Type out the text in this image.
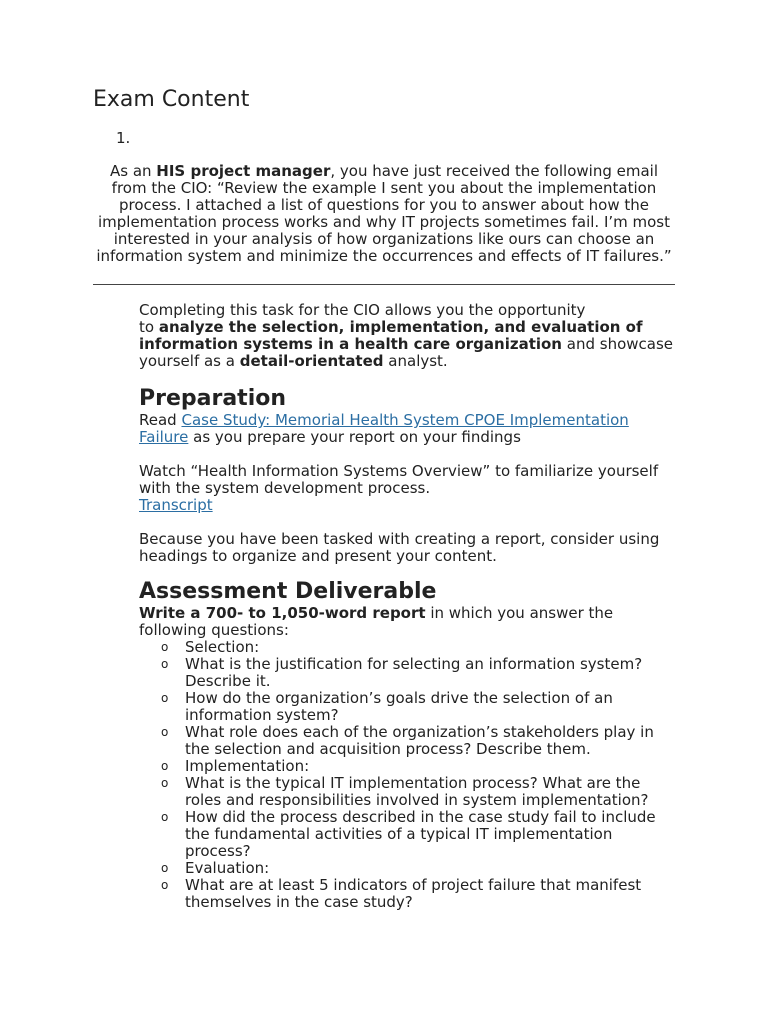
Exam Content
1.
As an HIS project manager, you have just received the following email from the CIO: “Review the example I sent you about the implementation process. I attached a list of questions for you to answer about how the implementation process works and why IT projects sometimes fail. I’m most interested in your analysis of how organizations like ours can choose an information system and minimize the occurrences and effects of IT failures.”

Completing this task for the CIO allows you the opportunity
to analyze the selection, implementation, and evaluation of information systems in a health care organization and showcase yourself as a detail-orientated analyst.

Preparation

Read Case Study: Memorial Health System CPOE Implementation Failure as you prepare your report on your findings

Watch “Health Information Systems Overview” to familiarize yourself with the system development process.

Transcript

Because you have been tasked with creating a report, consider using headings to organize and present your content.

Assessment Deliverable

Write a 700- to 1,050-word report in which you answer the following questions:

o Selection:
o What is the justification for selecting an information system? Describe it.
o How do the organization’s goals drive the selection of an information system?
o What role does each of the organization’s stakeholders play in the selection and acquisition process? Describe them.
o Implementation:
o What is the typical IT implementation process? What are the roles and responsibilities involved in system implementation?
o How did the process described in the case study fail to include the fundamental activities of a typical IT implementation process?
o Evaluation:
o What are at least 5 indicators of project failure that manifest themselves in the case study?
